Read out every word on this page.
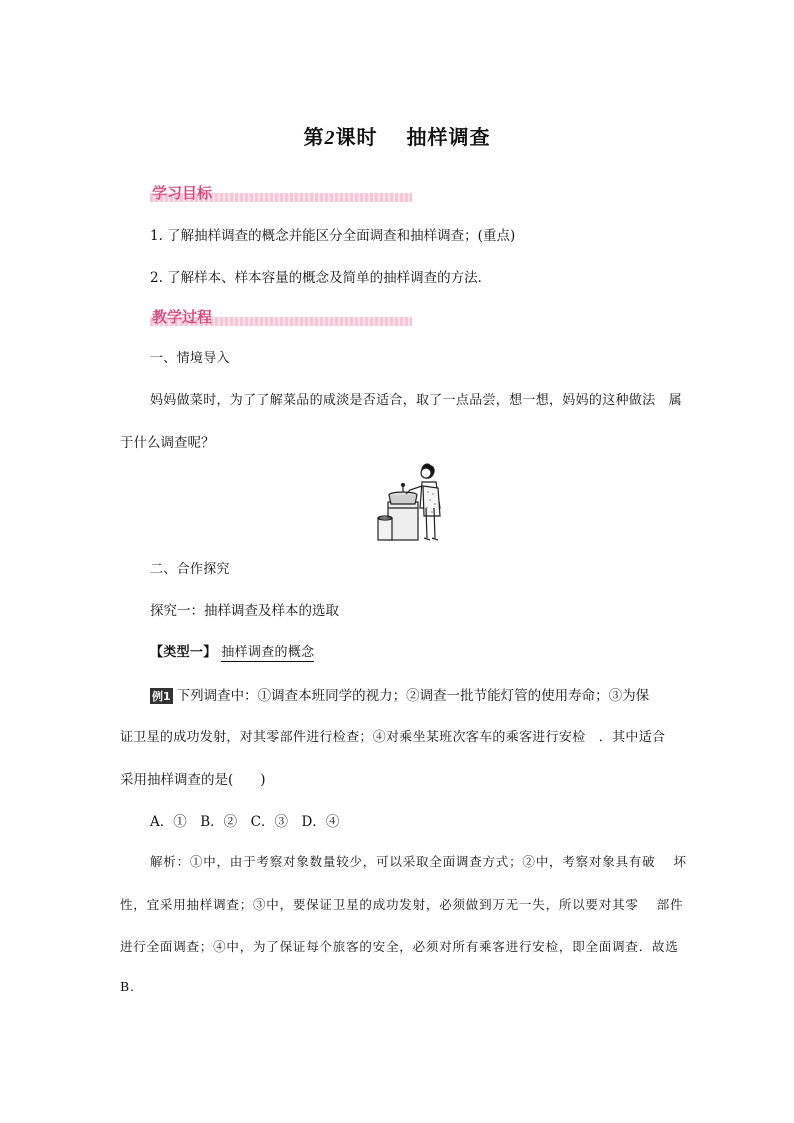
第2课时　 抽样调查
学习目标
1. 了解抽样调查的概念并能区分全面调查和抽样调查；(重点)
2. 了解样本、样本容量的概念及简单的抽样调查的方法．
教学过程
一、情境导入
妈妈做菜时，为了了解菜品的咸淡是否适合，取了一点品尝，想一想，妈妈的这种做法　属
于什么调查呢？
二、合作探究
探究一：抽样调查及样本的选取
【类型一】 抽样调查的概念
例1 下列调查中：①调查本班同学的视力；②调查一批节能灯管的使用寿命；③为保
证卫星的成功发射，对其零部件进行检查；④对乘坐某班次客车的乘客进行安检　．其中适合
采用抽样调查的是(　　)
A．①　B．②　C．③　D．④
解析：①中，由于考察对象数量较少，可以采取全面调查方式；②中，考察对象具有破　 坏
性，宜采用抽样调查；③中，要保证卫星的成功发射，必须做到万无一失，所以要对其零　 部件
进行全面调查；④中，为了保证每个旅客的安全，必须对所有乘客进行安检，即全面调查．故选
B.
